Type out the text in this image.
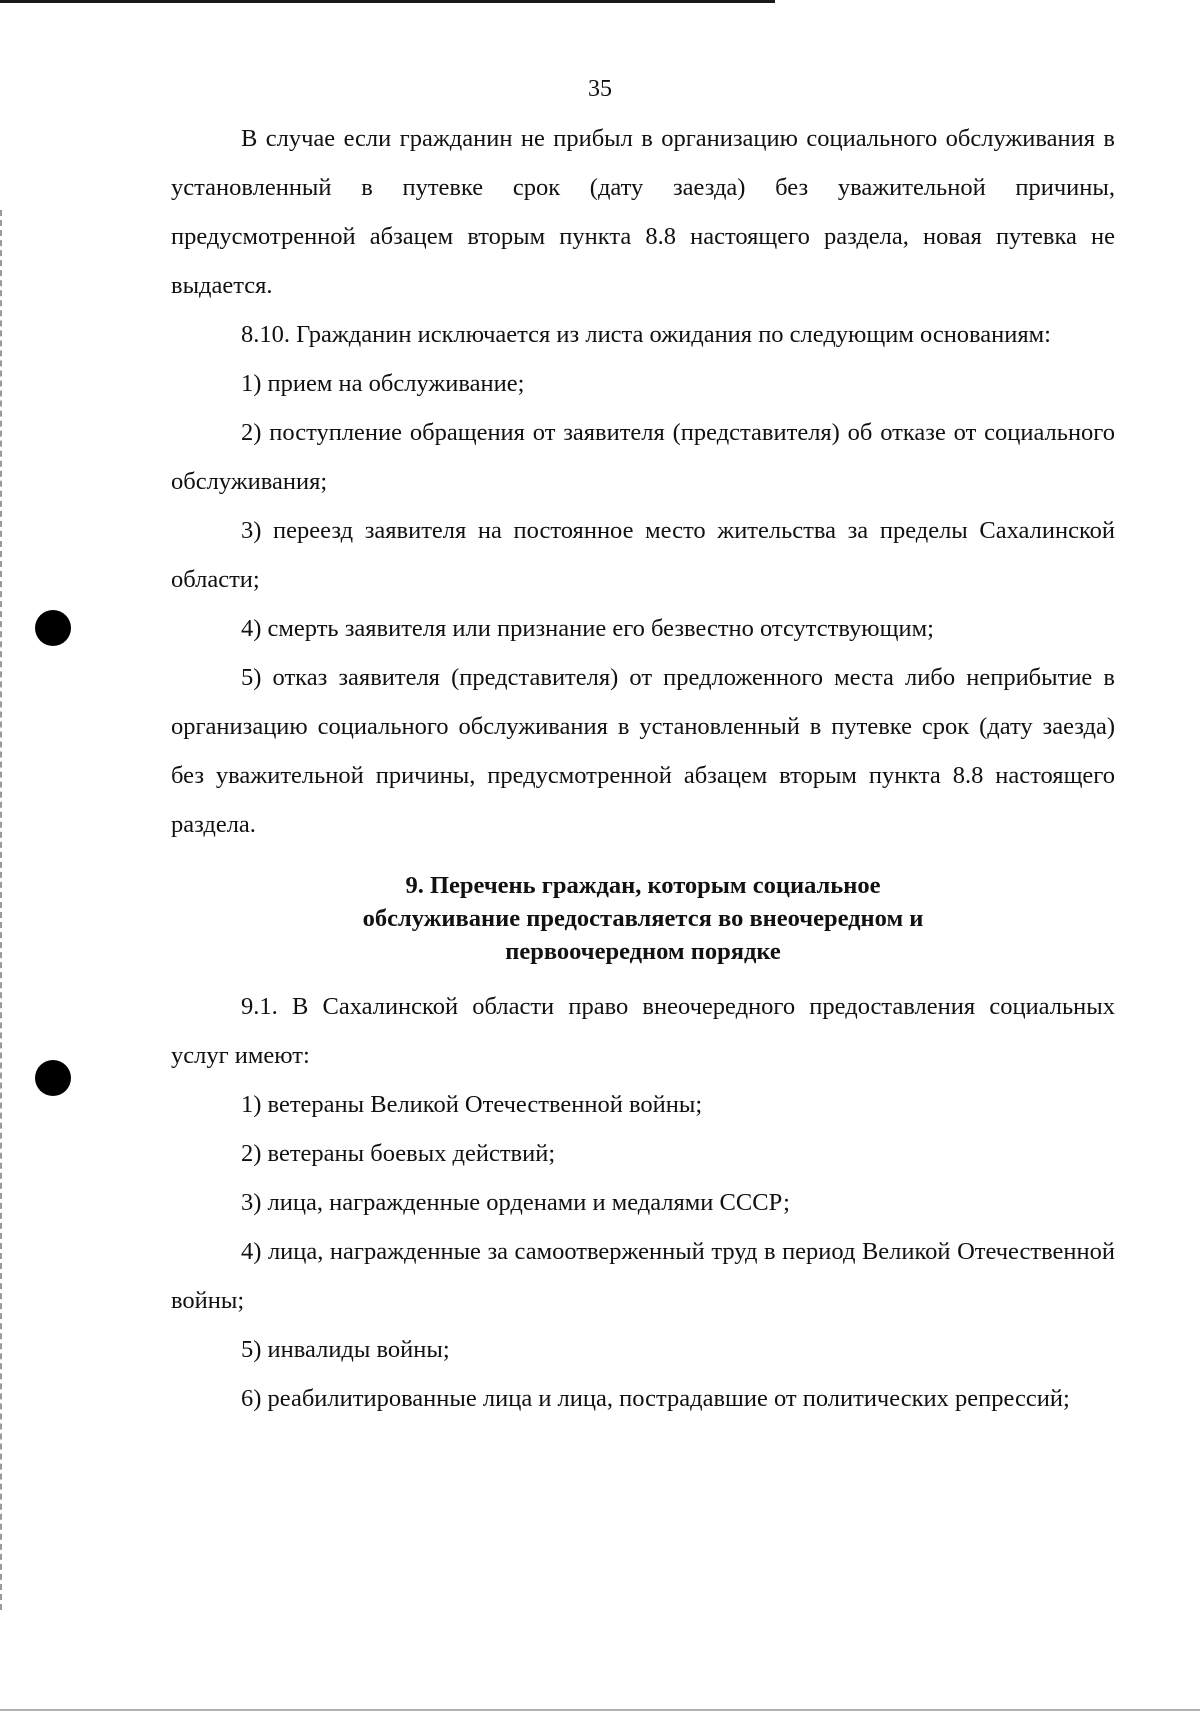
35

В случае если гражданин не прибыл в организацию социального обслуживания в установленный в путевке срок (дату заезда) без уважительной причины, предусмотренной абзацем вторым пункта 8.8 настоящего раздела, новая путевка не выдается.

8.10. Гражданин исключается из листа ожидания по следующим основаниям:

1) прием на обслуживание;

2) поступление обращения от заявителя (представителя) об отказе от социального обслуживания;

3) переезд заявителя на постоянное место жительства за пределы Сахалинской области;

4) смерть заявителя или признание его безвестно отсутствующим;

5) отказ заявителя (представителя) от предложенного места либо неприбытие в организацию социального обслуживания в установленный в путевке срок (дату заезда) без уважительной причины, предусмотренной абзацем вторым пункта 8.8 настоящего раздела.

9. Перечень граждан, которым социальное
обслуживание предоставляется во внеочередном и
первоочередном порядке

9.1. В Сахалинской области право внеочередного предоставления социальных услуг имеют:

1) ветераны Великой Отечественной войны;

2) ветераны боевых действий;

3) лица, награжденные орденами и медалями СССР;

4) лица, награжденные за самоотверженный труд в период Великой Отечественной войны;

5) инвалиды войны;

6) реабилитированные лица и лица, пострадавшие от политических репрессий;
